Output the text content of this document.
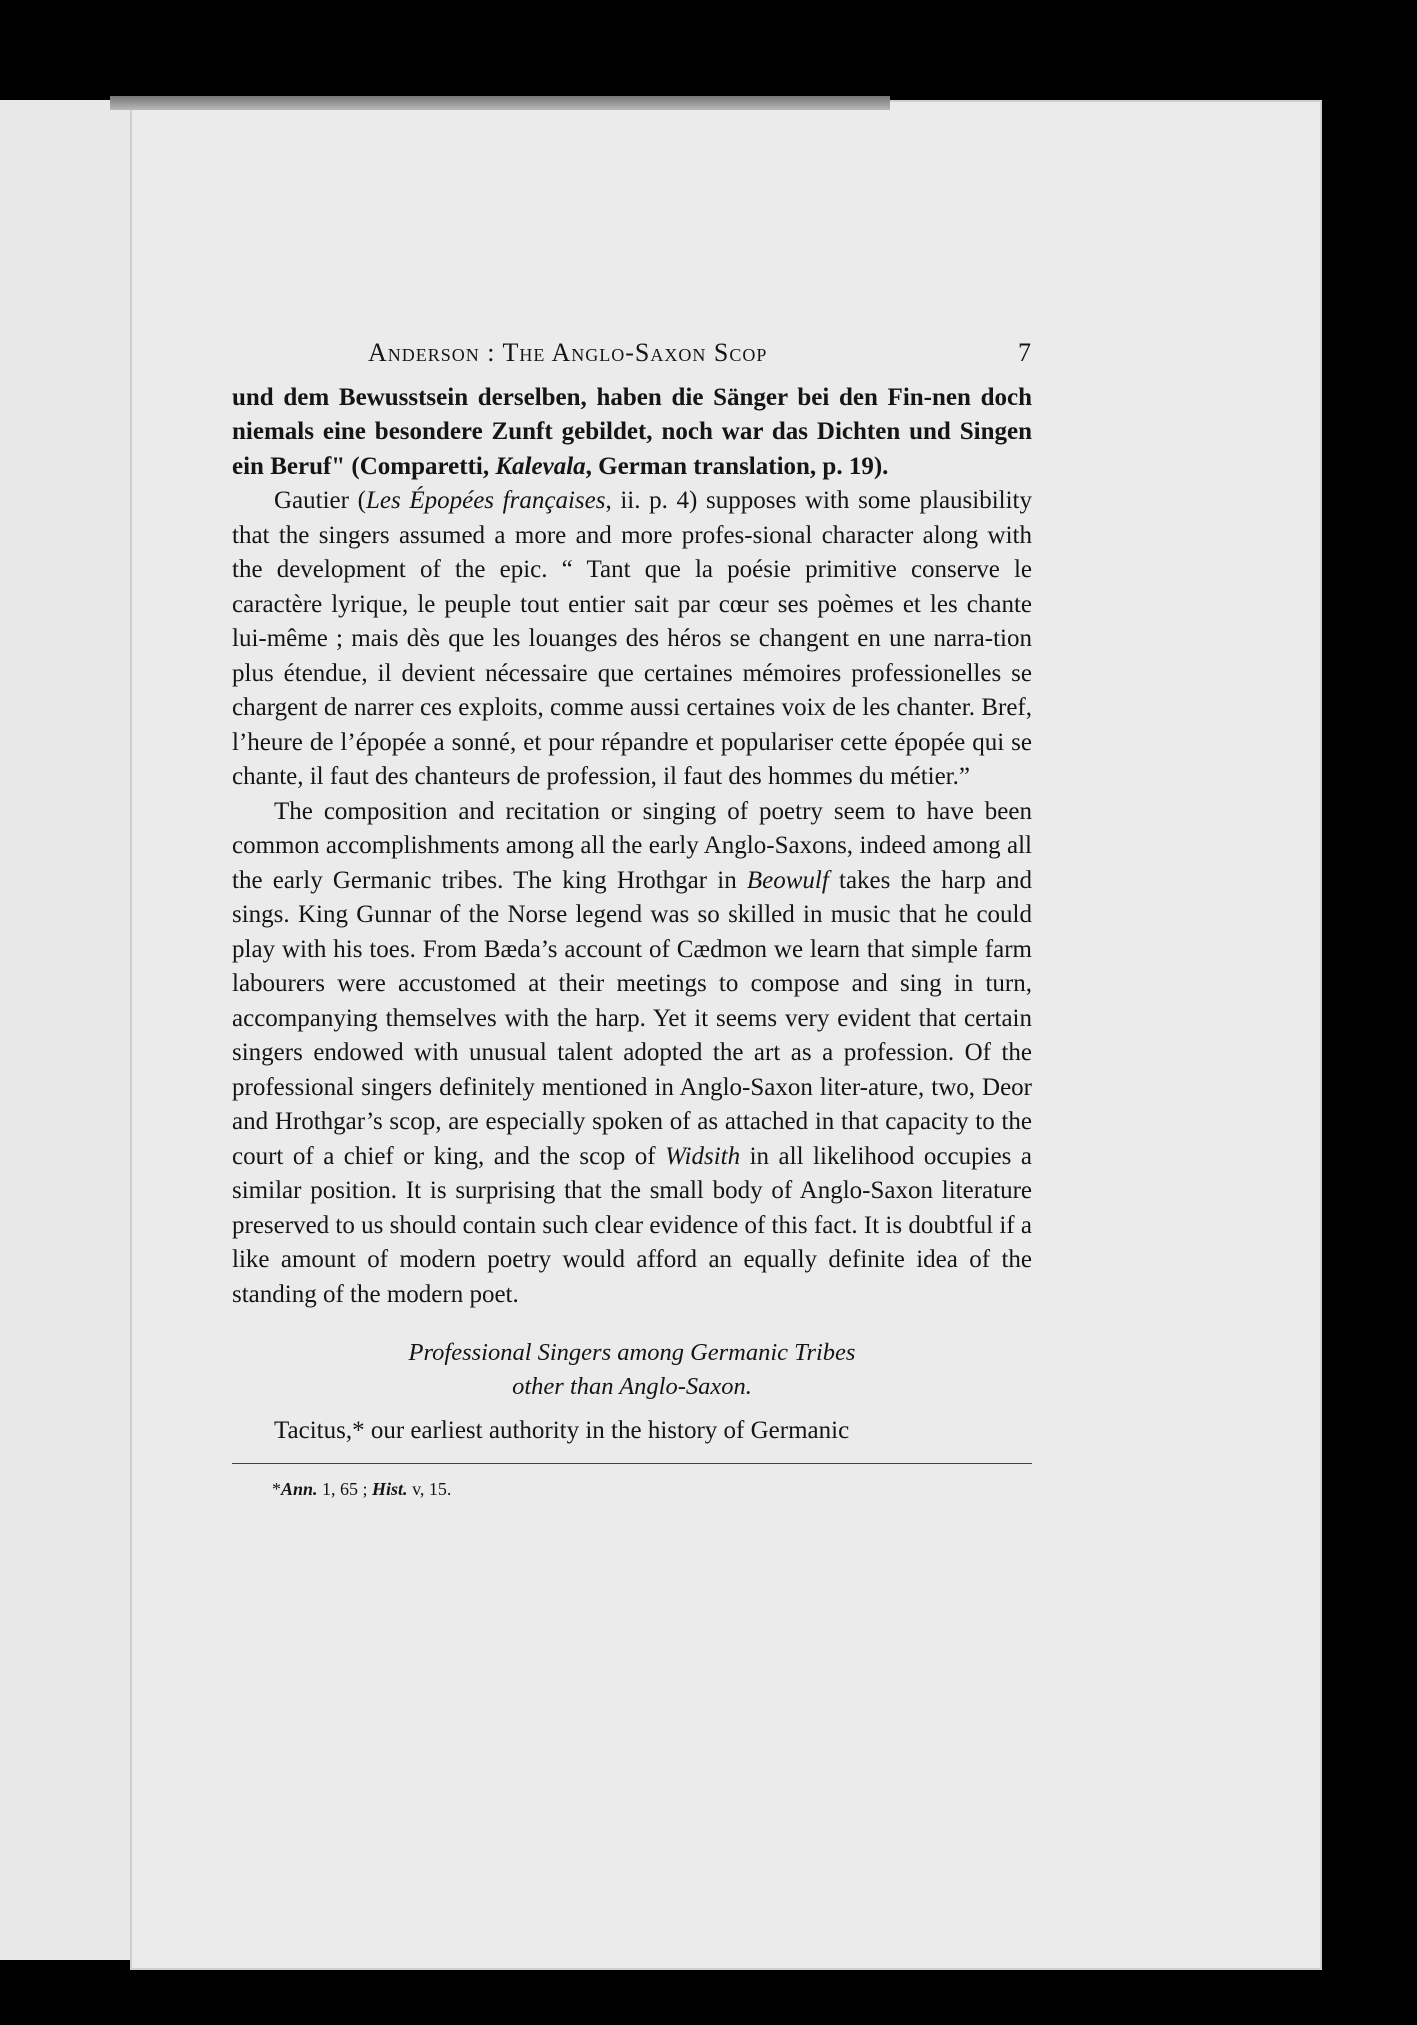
Anderson : The Anglo-Saxon Scop	7

und dem Bewusstsein derselben, haben die Sänger bei den Fin-nen doch niemals eine besondere Zunft gebildet, noch war das Dichten und Singen ein Beruf" (Comparetti, Kalevala, German translation, p. 19).

Gautier (Les Épopées françaises, ii. p. 4) supposes with some plausibility that the singers assumed a more and more profes-sional character along with the development of the epic. “ Tant que la poésie primitive conserve le caractère lyrique, le peuple tout entier sait par cœur ses poèmes et les chante lui-même ; mais dès que les louanges des héros se changent en une narra-tion plus étendue, il devient nécessaire que certaines mémoires professionelles se chargent de narrer ces exploits, comme aussi certaines voix de les chanter. Bref, l’heure de l’épopée a sonné, et pour répandre et populariser cette épopée qui se chante, il faut des chanteurs de profession, il faut des hommes du métier.”

The composition and recitation or singing of poetry seem to have been common accomplishments among all the early Anglo-Saxons, indeed among all the early Germanic tribes. The king Hrothgar in Beowulf takes the harp and sings. King Gunnar of the Norse legend was so skilled in music that he could play with his toes. From Bæda’s account of Cædmon we learn that simple farm labourers were accustomed at their meetings to compose and sing in turn, accompanying themselves with the harp. Yet it seems very evident that certain singers endowed with unusual talent adopted the art as a profession. Of the professional singers definitely mentioned in Anglo-Saxon liter-ature, two, Deor and Hrothgar’s scop, are especially spoken of as attached in that capacity to the court of a chief or king, and the scop of Widsith in all likelihood occupies a similar position. It is surprising that the small body of Anglo-Saxon literature preserved to us should contain such clear evidence of this fact. It is doubtful if a like amount of modern poetry would afford an equally definite idea of the standing of the modern poet.

Professional Singers among Germanic Tribes
other than Anglo-Saxon.

Tacitus,* our earliest authority in the history of Germanic

*Ann. 1, 65 ; Hist. v, 15.
